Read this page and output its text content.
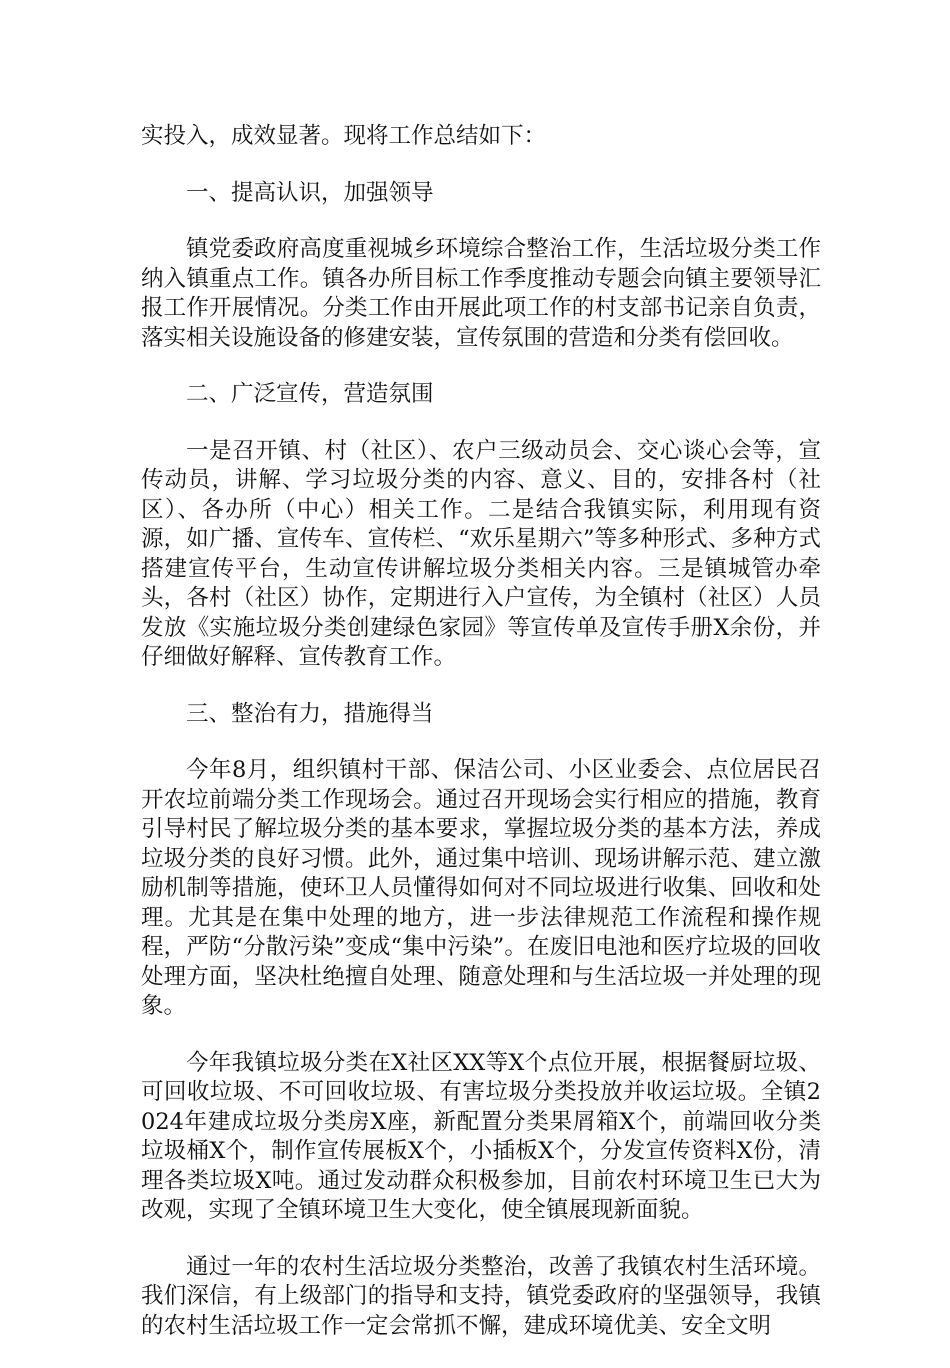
实投入，成效显著。现将工作总结如下：

一、提高认识，加强领导

镇党委政府高度重视城乡环境综合整治工作，生活垃圾分类工作纳入镇重点工作。镇各办所目标工作季度推动专题会向镇主要领导汇报工作开展情况。分类工作由开展此项工作的村支部书记亲自负责，落实相关设施设备的修建安装，宣传氛围的营造和分类有偿回收。

二、广泛宣传，营造氛围

一是召开镇、村（社区）、农户三级动员会、交心谈心会等，宣传动员，讲解、学习垃圾分类的内容、意义、目的，安排各村（社区）、各办所（中心）相关工作。二是结合我镇实际，利用现有资源，如广播、宣传车、宣传栏、“欢乐星期六”等多种形式、多种方式搭建宣传平台，生动宣传讲解垃圾分类相关内容。三是镇城管办牵头，各村（社区）协作，定期进行入户宣传，为全镇村（社区）人员发放《实施垃圾分类创建绿色家园》等宣传单及宣传手册X余份，并仔细做好解释、宣传教育工作。

三、整治有力，措施得当

今年8月，组织镇村干部、保洁公司、小区业委会、点位居民召开农垃前端分类工作现场会。通过召开现场会实行相应的措施，教育引导村民了解垃圾分类的基本要求，掌握垃圾分类的基本方法，养成垃圾分类的良好习惯。此外，通过集中培训、现场讲解示范、建立激励机制等措施，使环卫人员懂得如何对不同垃圾进行收集、回收和处理。尤其是在集中处理的地方，进一步法律规范工作流程和操作规程，严防“分散污染”变成“集中污染”。在废旧电池和医疗垃圾的回收处理方面，坚决杜绝擅自处理、随意处理和与生活垃圾一并处理的现象。

今年我镇垃圾分类在X社区XX等X个点位开展，根据餐厨垃圾、可回收垃圾、不可回收垃圾、有害垃圾分类投放并收运垃圾。全镇2024年建成垃圾分类房X座，新配置分类果屑箱X个，前端回收分类垃圾桶X个，制作宣传展板X个，小插板X个，分发宣传资料X份，清理各类垃圾X吨。通过发动群众积极参加，目前农村环境卫生已大为改观，实现了全镇环境卫生大变化，使全镇展现新面貌。

通过一年的农村生活垃圾分类整治，改善了我镇农村生活环境。我们深信，有上级部门的指导和支持，镇党委政府的坚强领导，我镇的农村生活垃圾工作一定会常抓不懈，建成环境优美、安全文明
